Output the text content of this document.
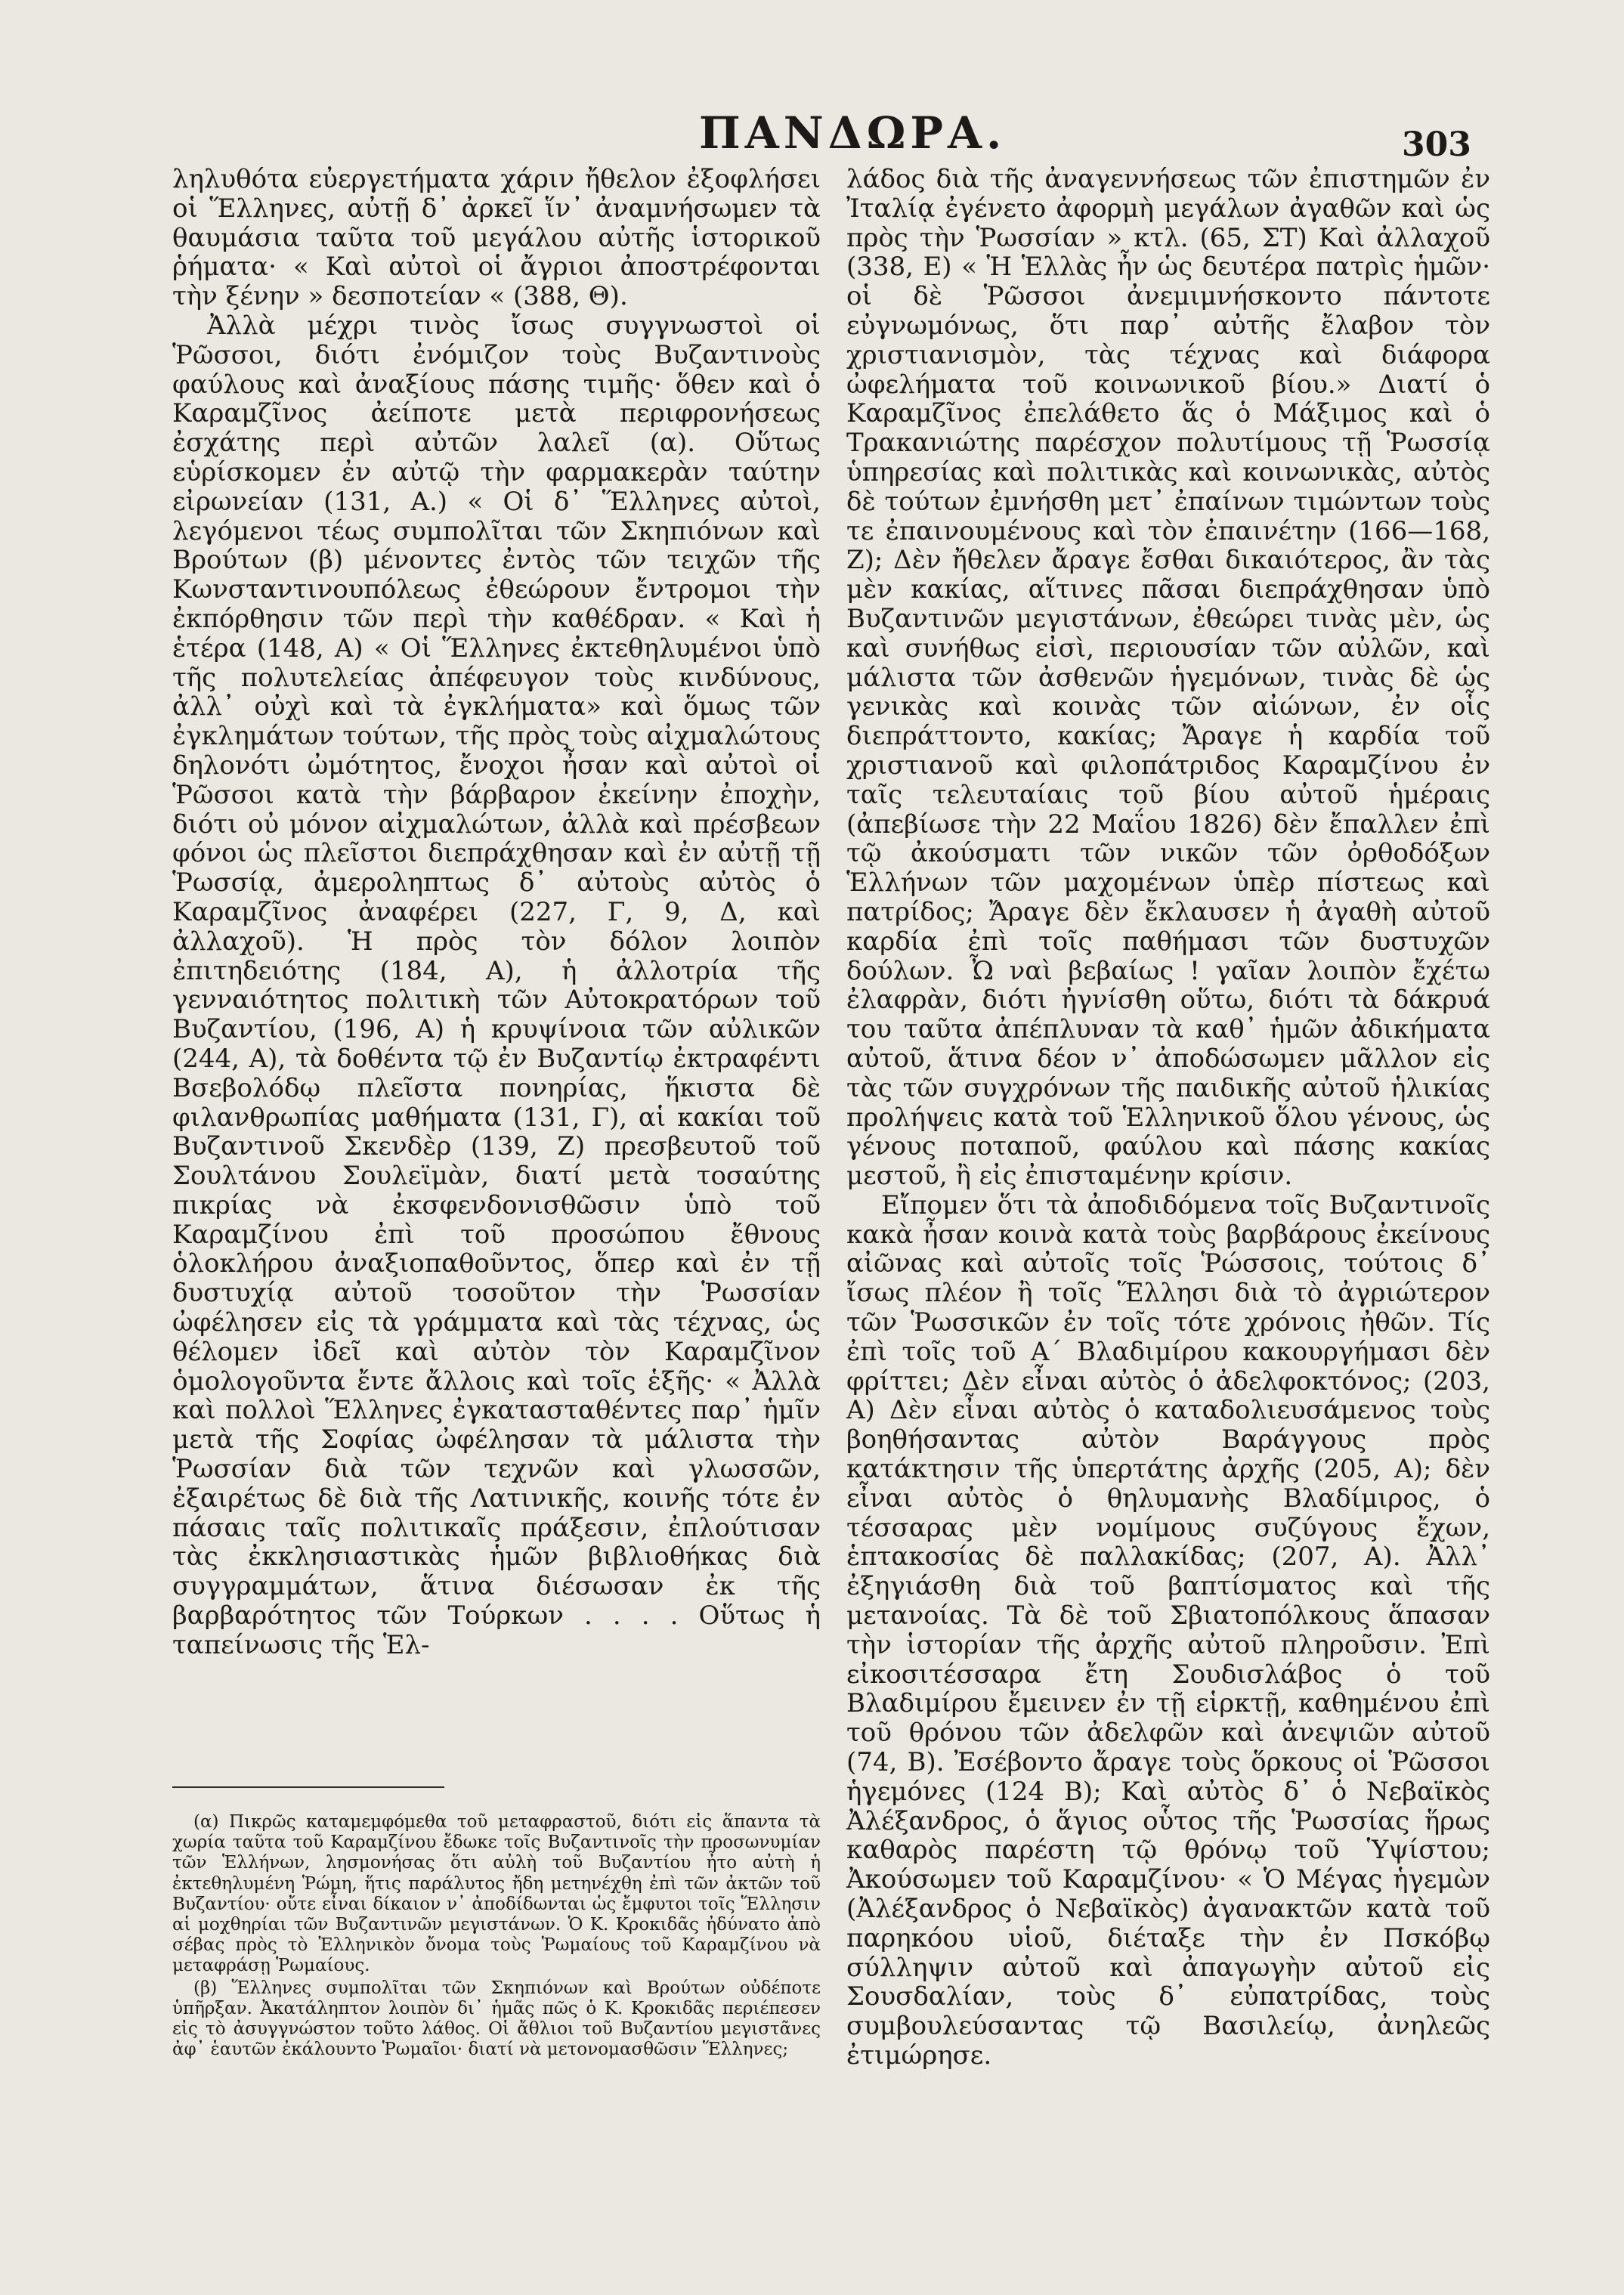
ΠΑΝΔΩΡΑ.	303

ληλυθότα εὐεργετήματα χάριν ἤθελον ἐξοφλήσει οἱ Ἕλληνες, αὐτῇ δ᾽ ἀρκεῖ ἵν᾽ ἀναμνήσωμεν τὰ θαυμάσια ταῦτα τοῦ μεγάλου αὐτῆς ἱστορικοῦ ῥήματα· « Καὶ αὐτοὶ οἱ ἄγριοι ἀποστρέφονται τὴν ξένην » δεσποτείαν « (388, Θ).

Ἀλλὰ μέχρι τινὸς ἴσως συγγνωστοὶ οἱ Ῥῶσσοι, διότι ἐνόμιζον τοὺς Βυζαντινοὺς φαύλους καὶ ἀναξίους πάσης τιμῆς· ὅθεν καὶ ὁ Καραμζῖνος ἀείποτε μετὰ περιφρονήσεως ἐσχάτης περὶ αὐτῶν λαλεῖ (α). Οὕτως εὑρίσκομεν ἐν αὐτῷ τὴν φαρμακερὰν ταύτην εἰρωνείαν (131, Α.) « Οἱ δ᾽ Ἕλληνες αὐτοὶ, λεγόμενοι τέως συμπολῖται τῶν Σκηπιόνων καὶ Βρούτων (β) μένοντες ἐντὸς τῶν τειχῶν τῆς Κωνσταντινουπόλεως ἐθεώρουν ἔντρομοι τὴν ἐκπόρθησιν τῶν περὶ τὴν καθέδραν. « Καὶ ἡ ἑτέρα (148, Α) « Οἱ Ἕλληνες ἐκτεθηλυμένοι ὑπὸ τῆς πολυτελείας ἀπέφευγον τοὺς κινδύνους, ἀλλ᾽ οὐχὶ καὶ τὰ ἐγκλήματα» καὶ ὅμως τῶν ἐγκλημάτων τούτων, τῆς πρὸς τοὺς αἰχμαλώτους δηλονότι ὠμότητος, ἔνοχοι ἦσαν καὶ αὐτοὶ οἱ Ῥῶσσοι κατὰ τὴν βάρβαρον ἐκείνην ἐποχὴν, διότι οὐ μόνον αἰχμαλώτων, ἀλλὰ καὶ πρέσβεων φόνοι ὡς πλεῖστοι διεπράχθησαν καὶ ἐν αὐτῇ τῇ Ῥωσσίᾳ, ἀμεροληπτως δ᾽ αὐτοὺς αὐτὸς ὁ Καραμζῖνος ἀναφέρει (227, Γ, 9, Δ, καὶ ἀλλαχοῦ). Ἡ πρὸς τὸν δόλον λοιπὸν ἐπιτηδειότης (184, Α), ἡ ἀλλοτρία τῆς γενναιότητος πολιτικὴ τῶν Αὐτοκρατόρων τοῦ Βυζαντίου, (196, Α) ἡ κρυψίνοια τῶν αὐλικῶν (244, Α), τὰ δοθέντα τῷ ἐν Βυζαντίῳ ἐκτραφέντι Βσεβολόδῳ πλεῖστα πονηρίας, ἥκιστα δὲ φιλανθρωπίας μαθήματα (131, Γ), αἱ κακίαι τοῦ Βυζαντινοῦ Σκενδὲρ (139, Ζ) πρεσβευτοῦ τοῦ Σουλτάνου Σουλεϊμὰν, διατί μετὰ τοσαύτης πικρίας νὰ ἐκσφενδονισθῶσιν ὑπὸ τοῦ Καραμζίνου ἐπὶ τοῦ προσώπου ἔθνους ὁλοκλήρου ἀναξιοπαθοῦντος, ὅπερ καὶ ἐν τῇ δυστυχίᾳ αὐτοῦ τοσοῦτον τὴν Ῥωσσίαν ὠφέλησεν εἰς τὰ γράμματα καὶ τὰς τέχνας, ὡς θέλομεν ἰδεῖ καὶ αὐτὸν τὸν Καραμζῖνον ὁμολογοῦντα ἔντε ἄλλοις καὶ τοῖς ἑξῆς· « Ἀλλὰ καὶ πολλοὶ Ἕλληνες ἐγκατασταθέντες παρ᾽ ἡμῖν μετὰ τῆς Σοφίας ὠφέλησαν τὰ μάλιστα τὴν Ῥωσσίαν διὰ τῶν τεχνῶν καὶ γλωσσῶν, ἐξαιρέτως δὲ διὰ τῆς Λατινικῆς, κοινῆς τότε ἐν πάσαις ταῖς πολιτικαῖς πράξεσιν, ἐπλούτισαν τὰς ἐκκλησιαστικὰς ἡμῶν βιβλιοθήκας διὰ συγγραμμάτων, ἅτινα διέσωσαν ἐκ τῆς βαρβαρότητος τῶν Τούρκων . . . . Οὕτως ἡ ταπείνωσις τῆς Ἑλ-

λάδος διὰ τῆς ἀναγεννήσεως τῶν ἐπιστημῶν ἐν Ἰταλίᾳ ἐγένετο ἀφορμὴ μεγάλων ἀγαθῶν καὶ ὡς πρὸς τὴν Ῥωσσίαν » κτλ. (65, ΣΤ) Καὶ ἀλλαχοῦ (338, Ε) « Ἡ Ἑλλὰς ἦν ὡς δευτέρα πατρὶς ἡμῶν· οἱ δὲ Ῥῶσσοι ἀνεμιμνήσκοντο πάντοτε εὐγνωμόνως, ὅτι παρ᾽ αὐτῆς ἔλαβον τὸν χριστιανισμὸν, τὰς τέχνας καὶ διάφορα ὠφελήματα τοῦ κοινωνικοῦ βίου.» Διατί ὁ Καραμζῖνος ἐπελάθετο ἅς ὁ Μάξιμος καὶ ὁ Τρακανιώτης παρέσχον πολυτίμους τῇ Ῥωσσίᾳ ὑπηρεσίας καὶ πολιτικὰς καὶ κοινωνικὰς, αὐτὸς δὲ τούτων ἐμνήσθη μετ᾽ ἐπαίνων τιμώντων τοὺς τε ἐπαινουμένους καὶ τὸν ἐπαινέτην (166—168, Ζ); Δὲν ἤθελεν ἄραγε ἔσθαι δικαιότερος, ἂν τὰς μὲν κακίας, αἵτινες πᾶσαι διεπράχθησαν ὑπὸ Βυζαντινῶν μεγιστάνων, ἐθεώρει τινὰς μὲν, ὡς καὶ συνήθως εἰσὶ, περιουσίαν τῶν αὐλῶν, καὶ μάλιστα τῶν ἀσθενῶν ἡγεμόνων, τινὰς δὲ ὡς γενικὰς καὶ κοινὰς τῶν αἰώνων, ἐν οἷς διεπράττοντο, κακίας; Ἄραγε ἡ καρδία τοῦ χριστιανοῦ καὶ φιλοπάτριδος Καραμζίνου ἐν ταῖς τελευταίαις τοῦ βίου αὐτοῦ ἡμέραις (ἀπεβίωσε τὴν 22 Μαΐου 1826) δὲν ἔπαλλεν ἐπὶ τῷ ἀκούσματι τῶν νικῶν τῶν ὀρθοδόξων Ἑλλήνων τῶν μαχομένων ὑπὲρ πίστεως καὶ πατρίδος; Ἄραγε δὲν ἔκλαυσεν ἡ ἀγαθὴ αὐτοῦ καρδία ἐπὶ τοῖς παθήμασι τῶν δυστυχῶν δούλων. Ὦ ναὶ βεβαίως ! γαῖαν λοιπὸν ἔχέτω ἐλαφρὰν, διότι ἠγνίσθη οὕτω, διότι τὰ δάκρυά του ταῦτα ἀπέπλυναν τὰ καθ᾽ ἡμῶν ἀδικήματα αὐτοῦ, ἅτινα δέον ν᾽ ἀποδώσωμεν μᾶλλον εἰς τὰς τῶν συγχρόνων τῆς παιδικῆς αὐτοῦ ἡλικίας προλήψεις κατὰ τοῦ Ἑλληνικοῦ ὅλου γένους, ὡς γένους ποταποῦ, φαύλου καὶ πάσης κακίας μεστοῦ, ἢ εἰς ἐπισταμένην κρίσιν.

Εἴπομεν ὅτι τὰ ἀποδιδόμενα τοῖς Βυζαντινοῖς κακὰ ἦσαν κοινὰ κατὰ τοὺς βαρβάρους ἐκείνους αἰῶνας καὶ αὐτοῖς τοῖς Ῥώσσοις, τούτοις δ᾽ ἴσως πλέον ἢ τοῖς Ἕλλησι διὰ τὸ ἀγριώτερον τῶν Ῥωσσικῶν ἐν τοῖς τότε χρόνοις ἠθῶν. Τίς ἐπὶ τοῖς τοῦ Α΄ Βλαδιμίρου κακουργήμασι δὲν φρίττει; Δὲν εἶναι αὐτὸς ὁ ἀδελφοκτόνος; (203, Α) Δὲν εἶναι αὐτὸς ὁ καταδολιευσάμενος τοὺς βοηθήσαντας αὐτὸν Βαράγγους πρὸς κατάκτησιν τῆς ὑπερτάτης ἀρχῆς (205, Α); δὲν εἶναι αὐτὸς ὁ θηλυμανὴς Βλαδίμιρος, ὁ τέσσαρας μὲν νομίμους συζύγους ἔχων, ἑπτακοσίας δὲ παλλακίδας; (207, Α). Ἀλλ᾽ ἐξηγιάσθη διὰ τοῦ βαπτίσματος καὶ τῆς μετανοίας. Τὰ δὲ τοῦ Σβιατοπόλκους ἅπασαν τὴν ἱστορίαν τῆς ἀρχῆς αὐτοῦ πληροῦσιν. Ἐπὶ εἰκοσιτέσσαρα ἔτη Σουδισλάβος ὁ τοῦ Βλαδιμίρου ἔμεινεν ἐν τῇ εἱρκτῇ, καθημένου ἐπὶ τοῦ θρόνου τῶν ἀδελφῶν καὶ ἀνεψιῶν αὐτοῦ (74, Β). Ἐσέβοντο ἄραγε τοὺς ὅρκους οἱ Ῥῶσσοι ἡγεμόνες (124 Β); Καὶ αὐτὸς δ᾽ ὁ Νεβαϊκὸς Ἀλέξανδρος, ὁ ἅγιος οὗτος τῆς Ῥωσσίας ἥρως καθαρὸς παρέστη τῷ θρόνῳ τοῦ Ὑψίστου; Ἀκούσωμεν τοῦ Καραμζίνου· « Ὁ Μέγας ἡγεμὼν (Ἀλέξανδρος ὁ Νεβαϊκὸς) ἀγανακτῶν κατὰ τοῦ παρηκόου υἱοῦ, διέταξε τὴν ἐν Πσκόβῳ σύλληψιν αὐτοῦ καὶ ἀπαγωγὴν αὐτοῦ εἰς Σουσδαλίαν, τοὺς δ᾽ εὐπατρίδας, τοὺς συμβουλεύσαντας τῷ Βασιλείῳ, ἀνηλεῶς ἐτιμώρησε.

(α) Πικρῶς καταμεμφόμεθα τοῦ μεταφραστοῦ, διότι εἰς ἅπαντα τὰ χωρία ταῦτα τοῦ Καραμζίνου ἔδωκε τοῖς Βυζαντινοῖς τὴν προσωνυμίαν τῶν Ἑλλήνων, λησμονήσας ὅτι αὐλὴ τοῦ Βυζαντίου ἦτο αὐτὴ ἡ ἐκτεθηλυμένη Ῥώμη, ἥτις παράλυτος ἤδη μετηνέχθη ἐπὶ τῶν ἀκτῶν τοῦ Βυζαντίου· οὔτε εἶναι δίκαιον ν᾽ ἀποδίδωνται ὡς ἔμφυτοι τοῖς Ἕλλησιν αἱ μοχθηρίαι τῶν Βυζαντινῶν μεγιστάνων. Ὁ Κ. Κροκιδᾶς ἠδύνατο ἀπὸ σέβας πρὸς τὸ Ἑλληνικὸν ὄνομα τοὺς Ῥωμαίους τοῦ Καραμζίνου νὰ μεταφράσῃ Ῥωμαίους.

(β) Ἕλληνες συμπολῖται τῶν Σκηπιόνων καὶ Βρούτων οὐδέποτε ὑπῆρξαν. Ἀκατάληπτον λοιπὸν δι᾽ ἡμᾶς πῶς ὁ Κ. Κροκιδᾶς περιέπεσεν εἰς τὸ ἀσυγγνώστον τοῦτο λάθος. Οἱ ἄθλιοι τοῦ Βυζαντίου μεγιστᾶνες ἀφ᾽ ἑαυτῶν ἐκάλουντο Ῥωμαῖοι· διατί νὰ μετονομασθῶσιν Ἕλληνες;
